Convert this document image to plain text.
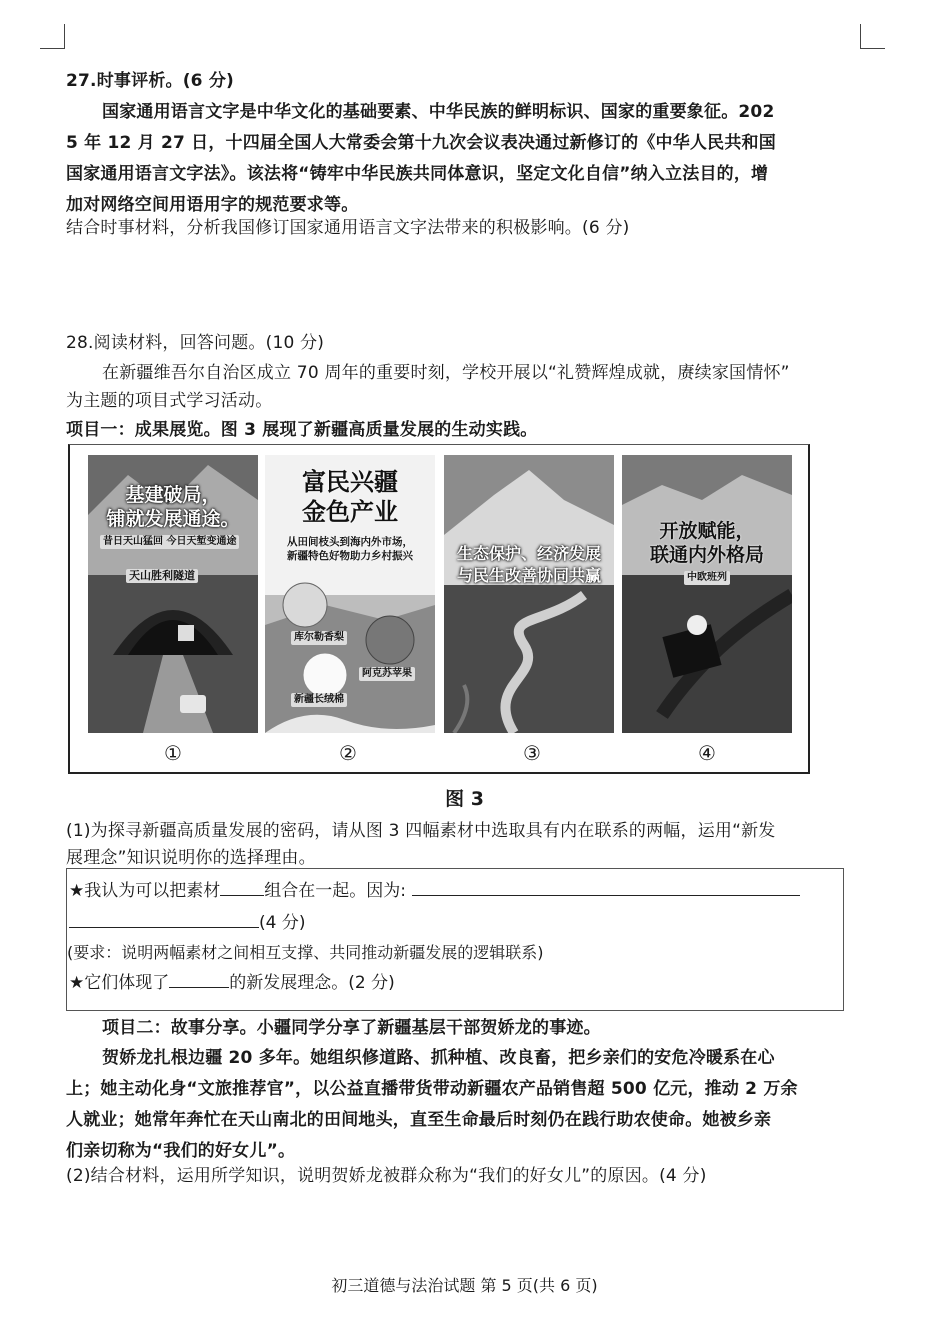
27.时事评析。(6 分)
国家通用语言文字是中华文化的基础要素、中华民族的鲜明标识、国家的重要象征。202
5 年 12 月 27 日，十四届全国人大常委会第十九次会议表决通过新修订的《中华人民共和国
国家通用语言文字法》。该法将“铸牢中华民族共同体意识，坚定文化自信”纳入立法目的，增
加对网络空间用语用字的规范要求等。
结合时事材料，分析我国修订国家通用语言文字法带来的积极影响。(6 分)
28.阅读材料，回答问题。(10 分)
在新疆维吾尔自治区成立 70 周年的重要时刻，学校开展以“礼赞辉煌成就，赓续家国情怀”
为主题的项目式学习活动。
项目一：成果展览。图 3 展现了新疆高质量发展的生动实践。
基建破局，
铺就发展通途。
昔日天山猛回 今日天堑变通途
天山胜利隧道
①
富民兴疆
金色产业
从田间枝头到海内外市场，
新疆特色好物助力乡村振兴
库尔勒香梨
阿克苏苹果
新疆长绒棉
②
生态保护、经济发展
与民生改善协同共赢
③
开放赋能，
联通内外格局
中欧班列
④
图 3
(1)为探寻新疆高质量发展的密码，请从图 3 四幅素材中选取具有内在联系的两幅，运用“新发
展理念”知识说明你的选择理由。
★我认为可以把素材	组合在一起。因为:
(4 分)
(要求：说明两幅素材之间相互支撑、共同推动新疆发展的逻辑联系)
★它们体现了	的新发展理念。(2 分)
项目二：故事分享。小疆同学分享了新疆基层干部贺娇龙的事迹。
贺娇龙扎根边疆 20 多年。她组织修道路、抓种植、改良畜，把乡亲们的安危冷暖系在心
上；她主动化身“文旅推荐官”，以公益直播带货带动新疆农产品销售超 500 亿元，推动 2 万余
人就业；她常年奔忙在天山南北的田间地头，直至生命最后时刻仍在践行助农使命。她被乡亲
们亲切称为“我们的好女儿”。
(2)结合材料，运用所学知识，说明贺娇龙被群众称为“我们的好女儿”的原因。(4 分)
初三道德与法治试题 第 5 页(共 6 页)
